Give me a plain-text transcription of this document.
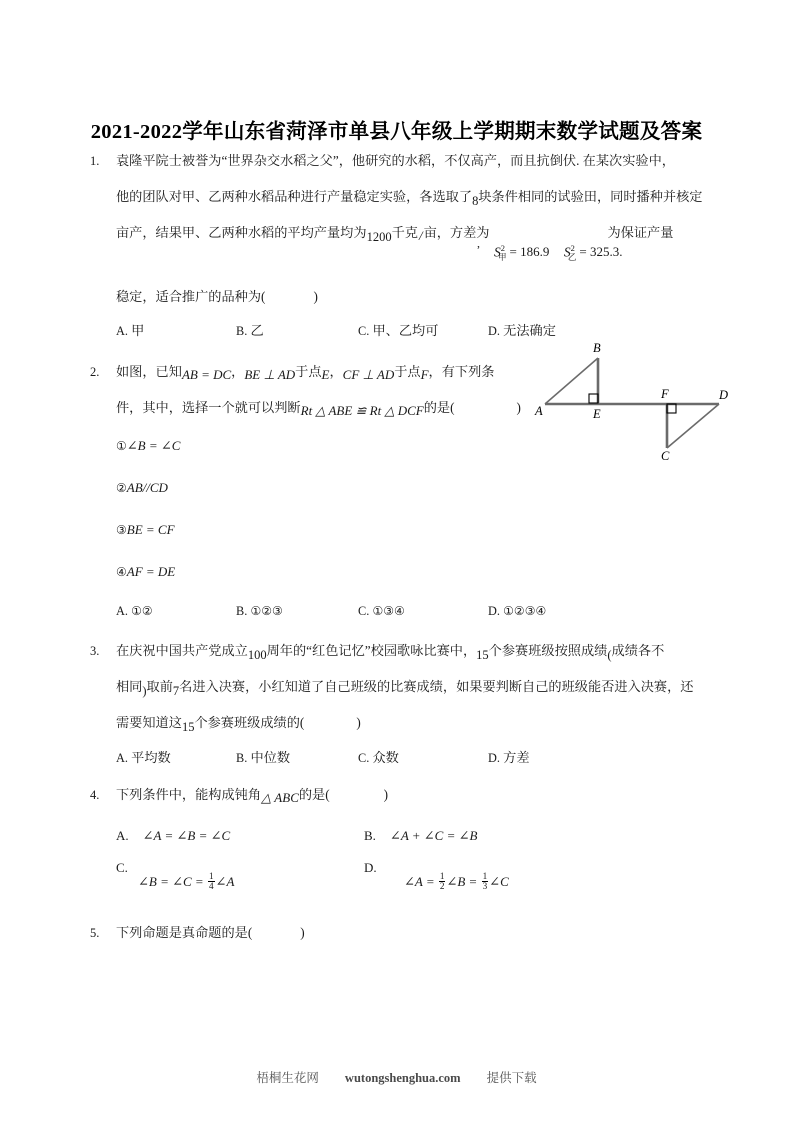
2021-2022学年山东省菏泽市单县八年级上学期期末数学试题及答案
1. 袁隆平院士被誉为“世界杂交水稻之父”，他研究的水稻，不仅高产，而且抗倒伏. 在某次实验中，
他的团队对甲、乙两种水稻品种进行产量稳定实验，各选取了8块条件相同的试验田，同时播种并核定
亩产，结果甲、乙两种水稻的平均产量均为1200千克/亩，方差为	为保证产量
,
$S^2_甲 = 186.9$ $S^2_乙 = 325.3$.
稳定，适合推广的品种为(	)
A. 甲	B. 乙	C. 甲、乙均可	D. 无法确定
2. 如图，已知AB = DC，BE ⊥ AD于点E，CF ⊥ AD于点F，有下列条
件，其中，选择一个就可以判断Rt △ ABE ≌ Rt △ DCF的是(	)
①∠B = ∠C
②AB//CD
③BE = CF
④AF = DE
A. ①②	B. ①②③	C. ①③④	D. ①②③④
3. 在庆祝中国共产党成立100周年的“红色记忆”校园歌咏比赛中，15个参赛班级按照成绩(成绩各不
相同)取前7名进入决赛，小红知道了自己班级的比赛成绩，如果要判断自己的班级能否进入决赛，还
需要知道这15个参赛班级成绩的(	)
A. 平均数	B. 中位数	C. 众数	D. 方差
4. 下列条件中，能构成钝角△ ABC的是(	)
A. ∠A = ∠B = ∠C	B. ∠A + ∠C = ∠B
C.
∠B = ∠C = $\frac{1}{4}$ ∠A
D.
∠A = $\frac{1}{2}$ ∠B = $\frac{1}{3}$ ∠C
5. 下列命题是真命题的是(	)
A
B
C
D
E
F
梧桐生花网 wutongshenghua.com 提供下载
